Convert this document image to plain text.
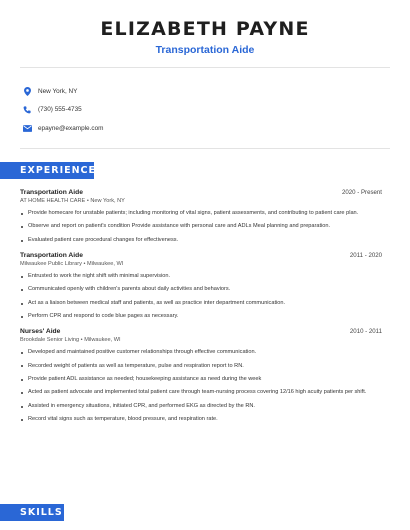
ELIZABETH PAYNE
Transportation Aide
New York, NY
(730) 555-4735
epayne@example.com
EXPERIENCE
Transportation Aide	2020 - Present
AT HOME HEALTH CARE • New York, NY
Provide homecare for unstable patients; including monitoring of vital signs, patient assessments, and contributing to patient care plan.
Observe and report on patient's condition Provide assistance with personal care and ADLs Meal planning and preparation.
Evaluated patient care procedural changes for effectiveness.
Transportation Aide	2011 - 2020
Milwaukee Public Library • Milwaukee, WI
Entrusted to work the night shift with minimal supervision.
Communicated openly with children's parents about daily activities and behaviors.
Act as a liaison between medical staff and patients, as well as practice inter department communication.
Perform CPR and respond to code blue pages as necessary.
Nurses' Aide	2010 - 2011
Brookdale Senior Living • Milwaukee, WI
Developed and maintained positive customer relationships through effective communication.
Recorded weight of patients as well as temperature, pulse and respiration report to RN.
Provide patient ADL assistance as needed; housekeeping assistance as need during the week
Acted as patient advocate and implemented total patient care through team-nursing process covering 12/16 high acuity patients per shift.
Assisted in emergency situations, initiated CPR, and performed EKG as directed by the RN.
Record vital signs such as temperature, blood pressure, and respiration rate.
SKILLS
